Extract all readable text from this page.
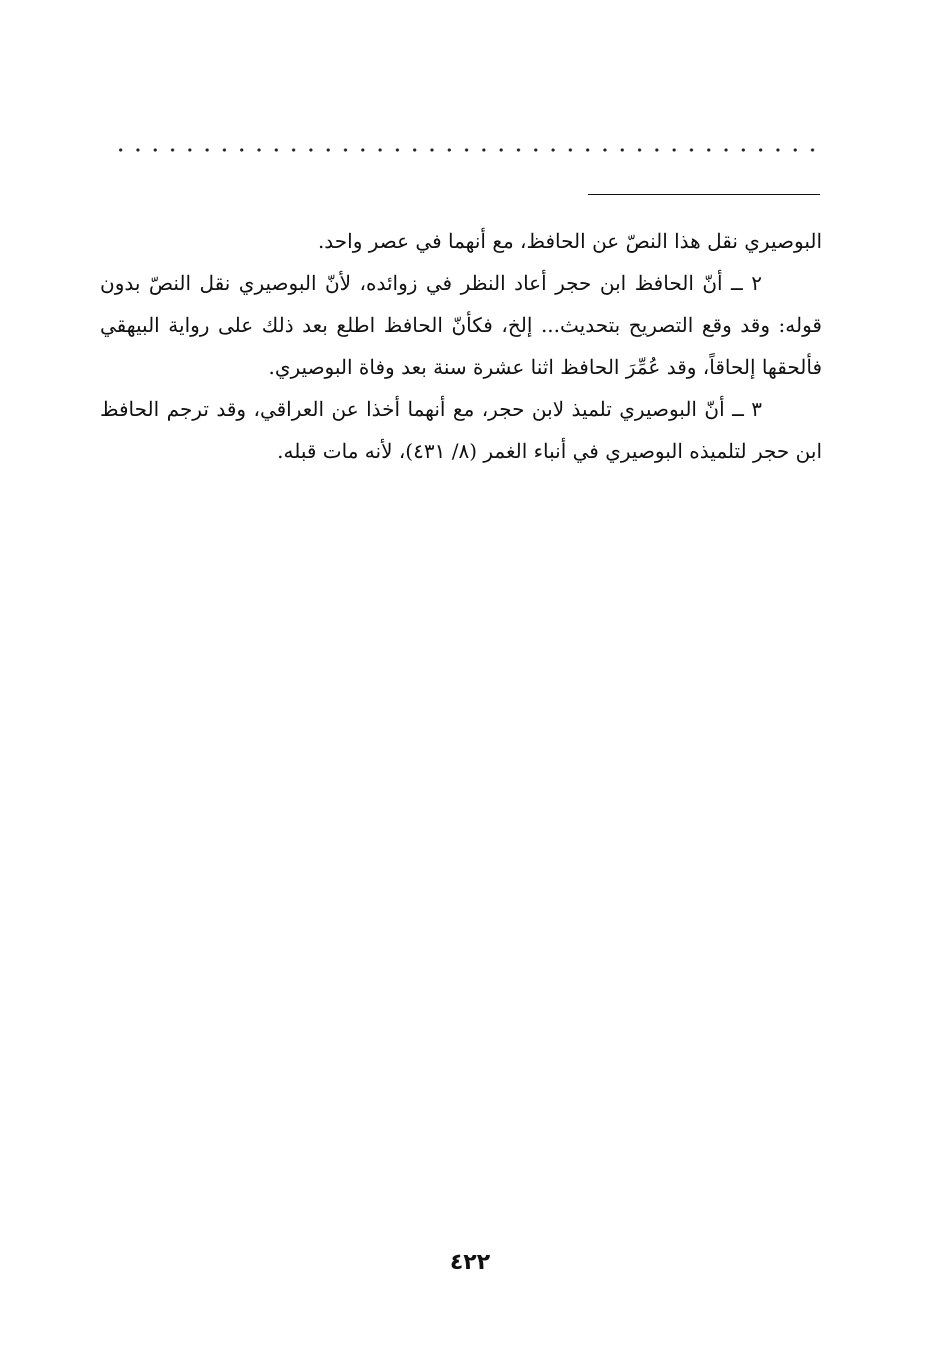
البوصيري نقل هذا النصّ عن الحافظ، مع أنهما في عصر واحد.

٢ ــ أنّ الحافظ ابن حجر أعاد النظر في زوائده، لأنّ البوصيري نقل النصّ بدون قوله: وقد وقع التصريح بتحديث... إلخ، فكأنّ الحافظ اطلع بعد ذلك على رواية البيهقي فألحقها إلحاقاً، وقد عُمِّرَ الحافظ اثنا عشرة سنة بعد وفاة البوصيري.

٣ ــ أنّ البوصيري تلميذ لابن حجر، مع أنهما أخذا عن العراقي، وقد ترجم الحافظ ابن حجر لتلميذه البوصيري في أنباء الغمر (٨/ ٤٣١)، لأنه مات قبله.

٤٢٢
